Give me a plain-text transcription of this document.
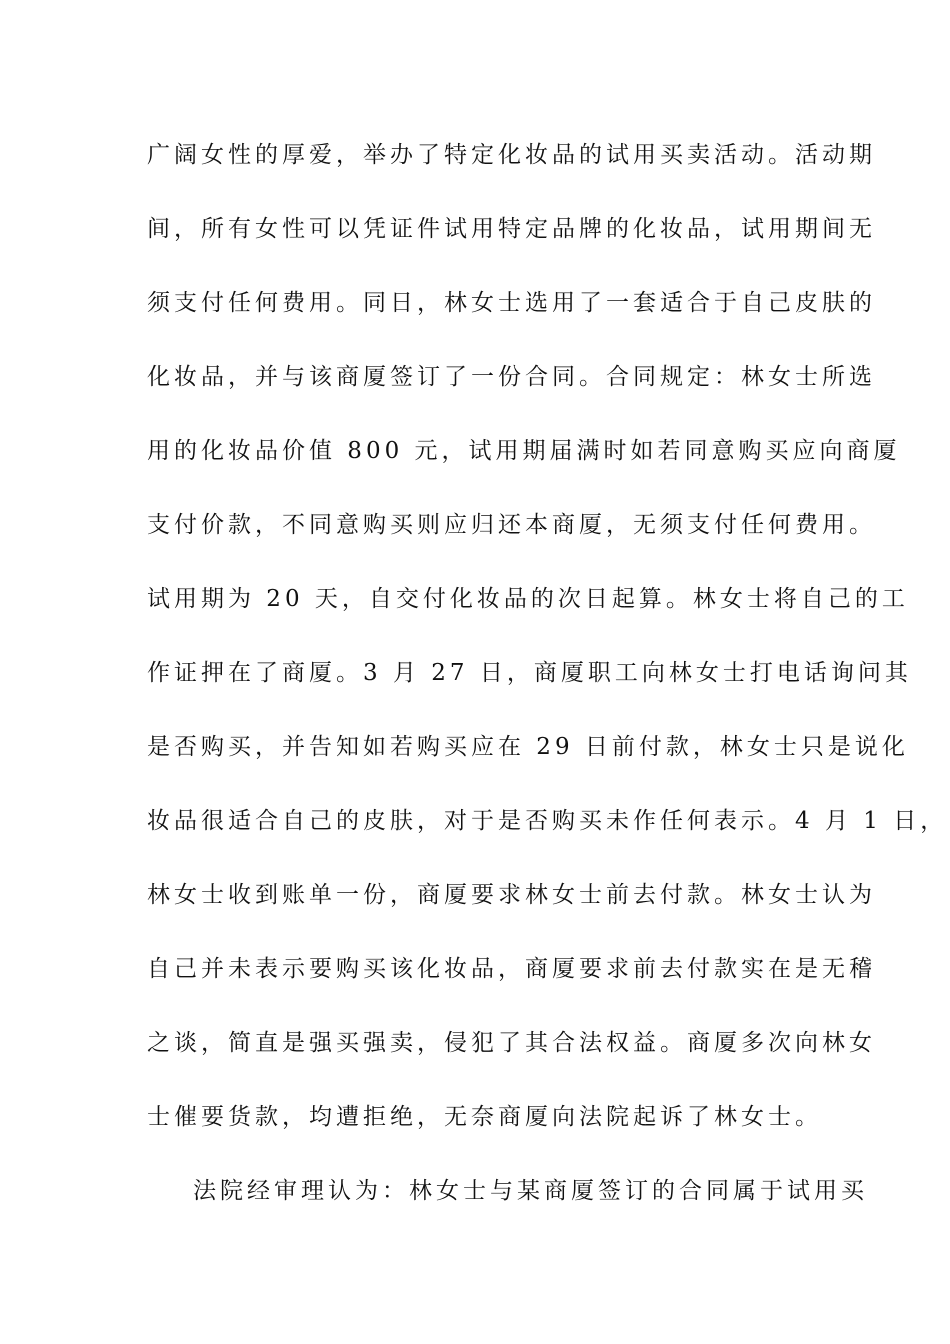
广阔女性的厚爱，举办了特定化妆品的试用买卖活动。活动期
间，所有女性可以凭证件试用特定品牌的化妆品，试用期间无
须支付任何费用。同日，林女士选用了一套适合于自己皮肤的
化妆品，并与该商厦签订了一份合同。合同规定：林女士所选
用的化妆品价值 800 元，试用期届满时如若同意购买应向商厦
支付价款，不同意购买则应归还本商厦，无须支付任何费用。
试用期为 20 天，自交付化妆品的次日起算。林女士将自己的工
作证押在了商厦。3 月 27 日，商厦职工向林女士打电话询问其
是否购买，并告知如若购买应在 29 日前付款，林女士只是说化
妆品很适合自己的皮肤，对于是否购买未作任何表示。4 月 1 日，
林女士收到账单一份，商厦要求林女士前去付款。林女士认为
自己并未表示要购买该化妆品，商厦要求前去付款实在是无稽
之谈，简直是强买强卖，侵犯了其合法权益。商厦多次向林女
士催要货款，均遭拒绝，无奈商厦向法院起诉了林女士。
法院经审理认为：林女士与某商厦签订的合同属于试用买
